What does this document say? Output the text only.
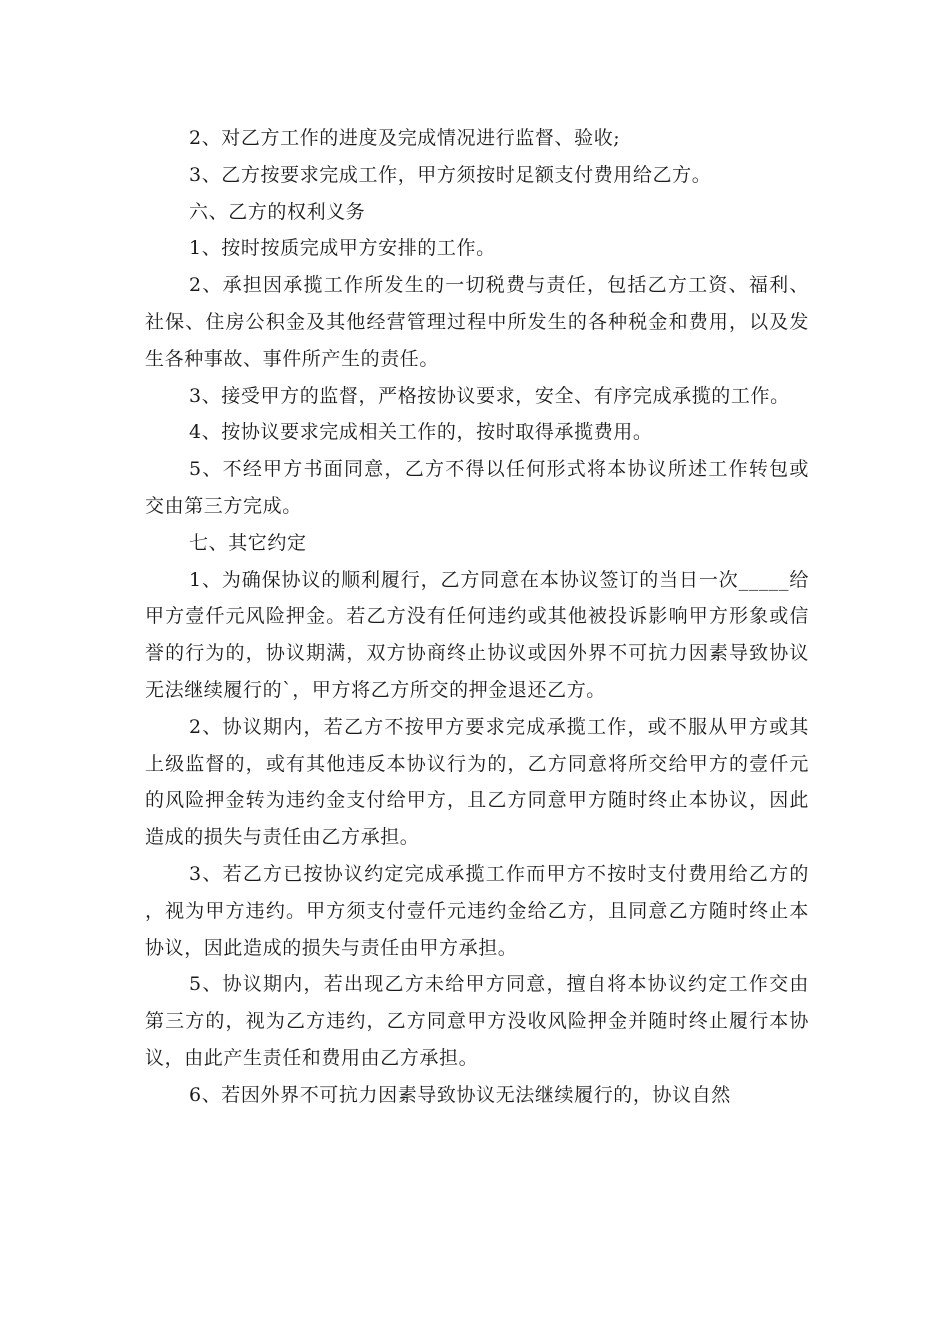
2、对乙方工作的进度及完成情况进行监督、验收;

3、乙方按要求完成工作，甲方须按时足额支付费用给乙方。

六、乙方的权利义务

1、按时按质完成甲方安排的工作。

2、承担因承揽工作所发生的一切税费与责任，包括乙方工资、福利、社保、住房公积金及其他经营管理过程中所发生的各种税金和费用，以及发生各种事故、事件所产生的责任。

3、接受甲方的监督，严格按协议要求，安全、有序完成承揽的工作。

4、按协议要求完成相关工作的，按时取得承揽费用。

5、不经甲方书面同意，乙方不得以任何形式将本协议所述工作转包或交由第三方完成。

七、其它约定

1、为确保协议的顺利履行，乙方同意在本协议签订的当日一次_____给甲方壹仟元风险押金。若乙方没有任何违约或其他被投诉影响甲方形象或信誉的行为的，协议期满，双方协商终止协议或因外界不可抗力因素导致协议无法继续履行的`，甲方将乙方所交的押金退还乙方。

2、协议期内，若乙方不按甲方要求完成承揽工作，或不服从甲方或其上级监督的，或有其他违反本协议行为的，乙方同意将所交给甲方的壹仟元的风险押金转为违约金支付给甲方，且乙方同意甲方随时终止本协议，因此造成的损失与责任由乙方承担。

3、若乙方已按协议约定完成承揽工作而甲方不按时支付费用给乙方的，视为甲方违约。甲方须支付壹仟元违约金给乙方，且同意乙方随时终止本协议，因此造成的损失与责任由甲方承担。

5、协议期内，若出现乙方未给甲方同意，擅自将本协议约定工作交由第三方的，视为乙方违约，乙方同意甲方没收风险押金并随时终止履行本协议，由此产生责任和费用由乙方承担。

6、若因外界不可抗力因素导致协议无法继续履行的，协议自然
